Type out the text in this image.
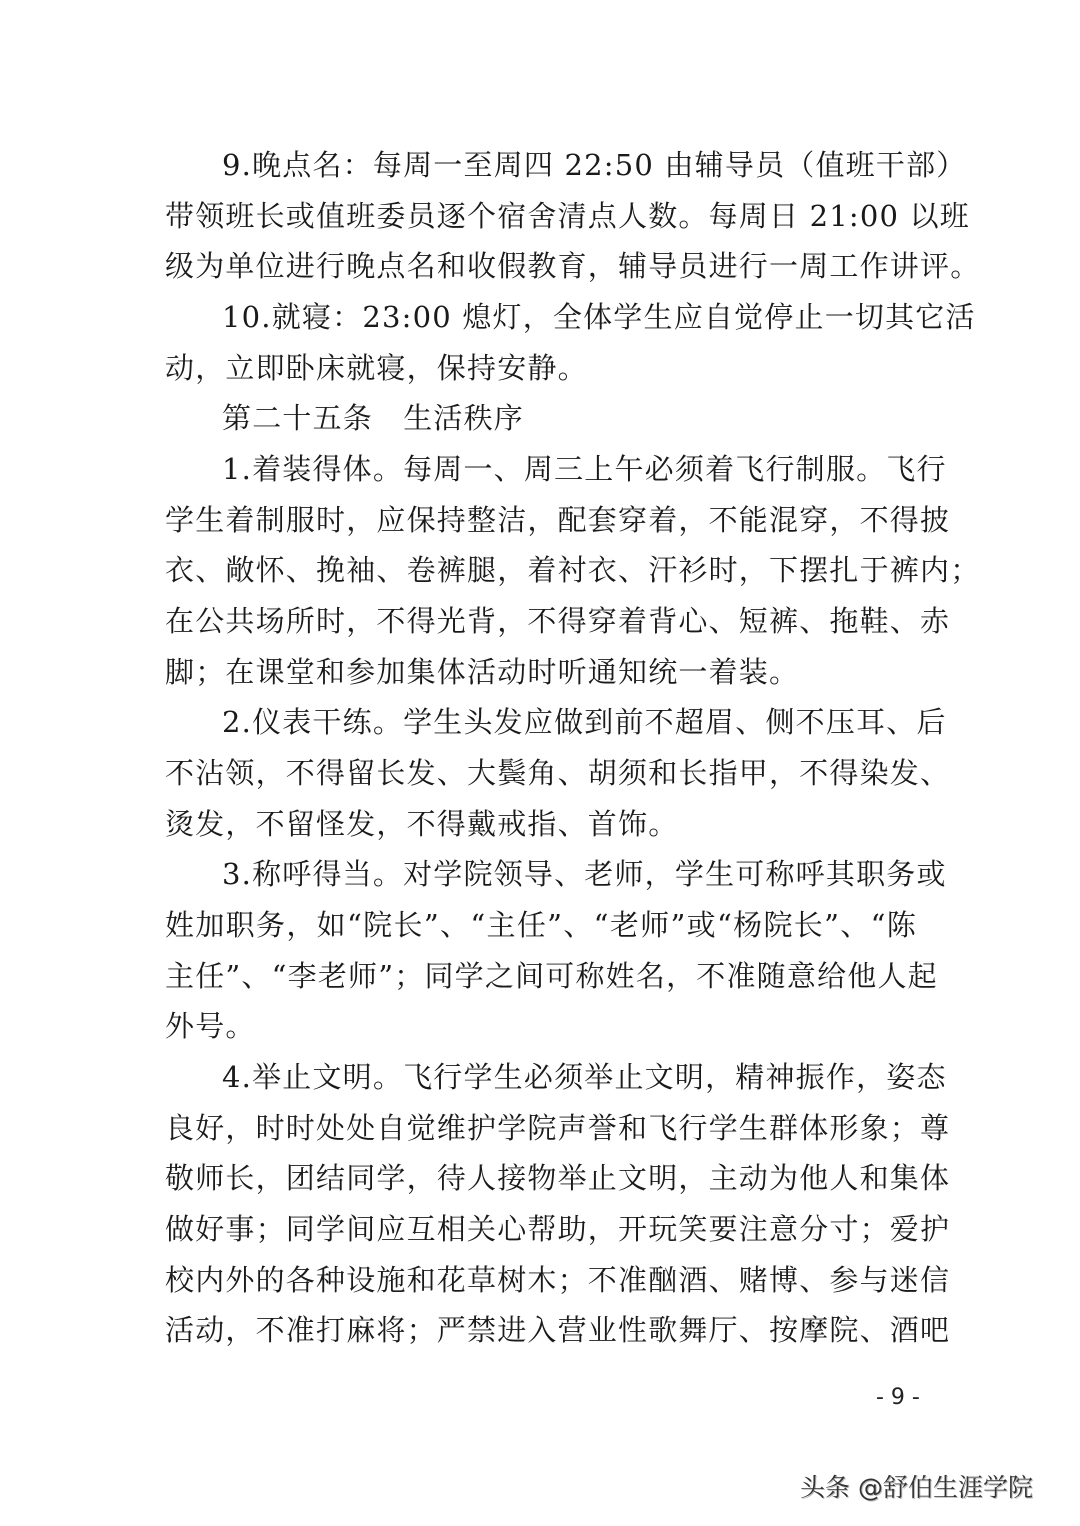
9.晚点名：每周一至周四 22:50 由辅导员（值班干部）
带领班长或值班委员逐个宿舍清点人数。每周日 21:00 以班
级为单位进行晚点名和收假教育，辅导员进行一周工作讲评。
10.就寝：23:00 熄灯，全体学生应自觉停止一切其它活
动，立即卧床就寝，保持安静。
第二十五条　生活秩序
1.着装得体。每周一、周三上午必须着飞行制服。飞行
学生着制服时，应保持整洁，配套穿着，不能混穿，不得披
衣、敞怀、挽袖、卷裤腿，着衬衣、汗衫时，下摆扎于裤内；
在公共场所时，不得光背，不得穿着背心、短裤、拖鞋、赤
脚；在课堂和参加集体活动时听通知统一着装。
2.仪表干练。学生头发应做到前不超眉、侧不压耳、后
不沾领，不得留长发、大鬓角、胡须和长指甲，不得染发、
烫发，不留怪发，不得戴戒指、首饰。
3.称呼得当。对学院领导、老师，学生可称呼其职务或
姓加职务，如“院长”、“主任”、“老师”或“杨院长”、“陈
主任”、“李老师”；同学之间可称姓名，不准随意给他人起
外号。
4.举止文明。飞行学生必须举止文明，精神振作，姿态
良好，时时处处自觉维护学院声誉和飞行学生群体形象；尊
敬师长，团结同学，待人接物举止文明，主动为他人和集体
做好事；同学间应互相关心帮助，开玩笑要注意分寸；爱护
校内外的各种设施和花草树木；不准酗酒、赌博、参与迷信
活动，不准打麻将；严禁进入营业性歌舞厅、按摩院、酒吧
- 9 -
头条 @舒伯生涯学院
